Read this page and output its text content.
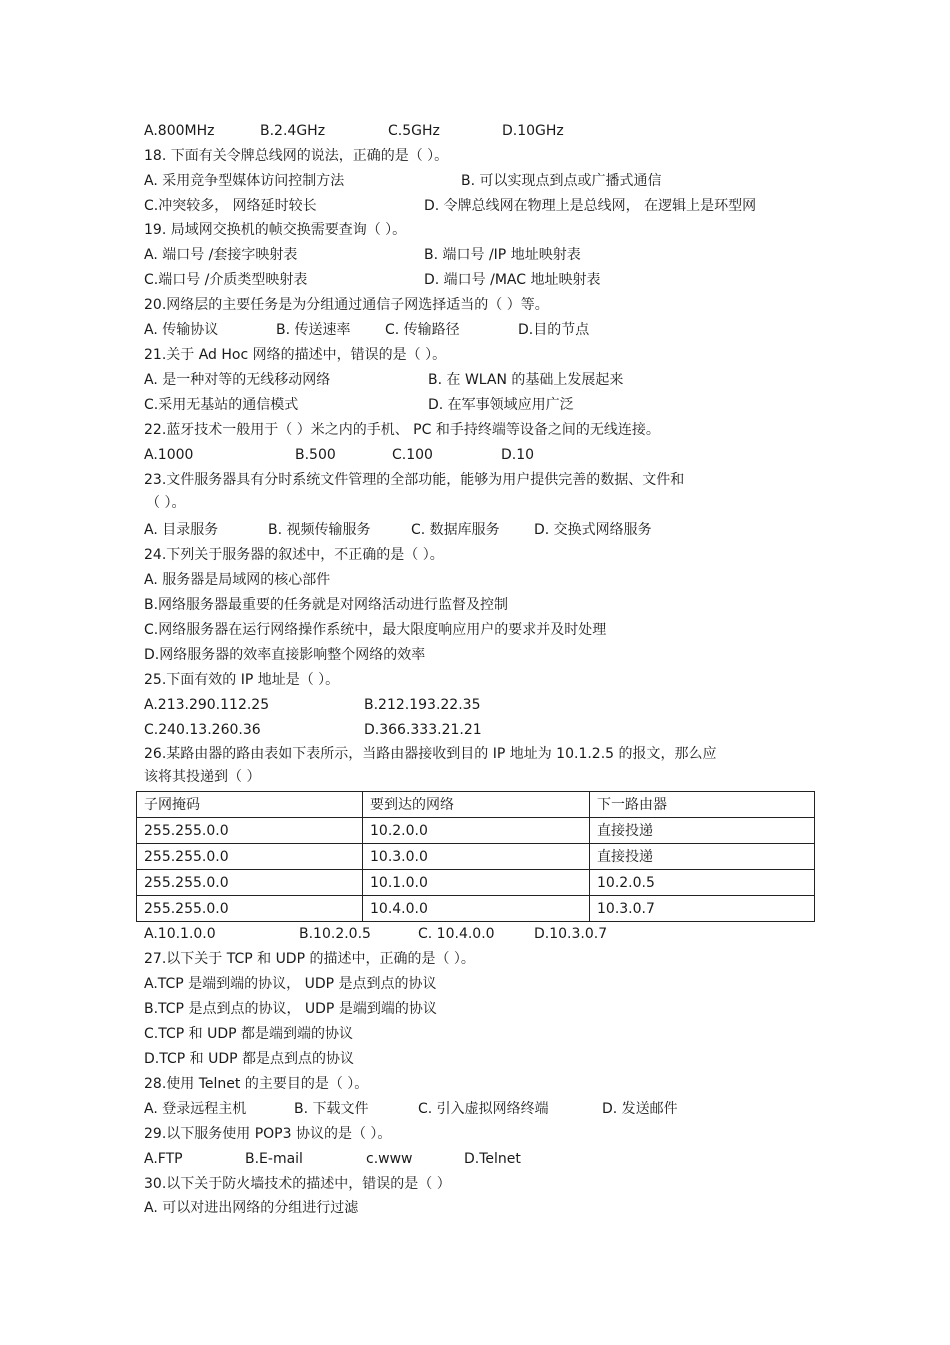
A.800MHz	B.2.4GHz	C.5GHz	D.10GHz
18. 下面有关令牌总线网的说法，正确的是（ ）。
A. 采用竞争型媒体访问控制方法	B. 可以实现点到点或广播式通信
C.冲突较多， 网络延时较长	D. 令牌总线网在物理上是总线网， 在逻辑上是环型网
19. 局域网交换机的帧交换需要查询（ ）。
A. 端口号 /套接字映射表	B. 端口号 /IP 地址映射表
C.端口号 /介质类型映射表	D. 端口号 /MAC 地址映射表
20.网络层的主要任务是为分组通过通信子网选择适当的（ ）等。
A. 传输协议	B. 传送速率 C. 传输路径	D.目的节点
21.关于 Ad Hoc 网络的描述中，错误的是（ ）。
A. 是一种对等的无线移动网络	B. 在 WLAN 的基础上发展起来
C.采用无基站的通信模式	D. 在军事领域应用广泛
22.蓝牙技术一般用于（ ）米之内的手机、 PC 和手持终端等设备之间的无线连接。
A.1000	B.500	C.100	D.10
23.文件服务器具有分时系统文件管理的全部功能，能够为用户提供完善的数据、文件和
（ ）。
A. 目录服务	B. 视频传输服务	C. 数据库服务 D. 交换式网络服务
24.下列关于服务器的叙述中，不正确的是（ ）。
A. 服务器是局域网的核心部件
B.网络服务器最重要的任务就是对网络活动进行监督及控制
C.网络服务器在运行网络操作系统中，最大限度响应用户的要求并及时处理
D.网络服务器的效率直接影响整个网络的效率
25.下面有效的 IP 地址是（ ）。
A.213.290.112.25	B.212.193.22.35
C.240.13.260.36	D.366.333.21.21
26.某路由器的路由表如下表所示，当路由器接收到目的 IP 地址为 10.1.2.5 的报文，那么应
该将其投递到（ ）
子网掩码	要到达的网络	下一路由器
255.255.0.0	10.2.0.0	直接投递
255.255.0.0	10.3.0.0	直接投递
255.255.0.0	10.1.0.0	10.2.0.5
255.255.0.0	10.4.0.0	10.3.0.7
A.10.1.0.0	B.10.2.0.5	C. 10.4.0.0	D.10.3.0.7
27.以下关于 TCP 和 UDP 的描述中，正确的是（ ）。
A.TCP 是端到端的协议， UDP 是点到点的协议
B.TCP 是点到点的协议， UDP 是端到端的协议
C.TCP 和 UDP 都是端到端的协议
D.TCP 和 UDP 都是点到点的协议
28.使用 Telnet 的主要目的是（ ）。
A. 登录远程主机	B. 下载文件	C. 引入虚拟网络终端	D. 发送邮件
29.以下服务使用 POP3 协议的是（ ）。
A.FTP	B.E-mail	c.www	D.Telnet
30.以下关于防火墙技术的描述中，错误的是（ ）
A. 可以对进出网络的分组进行过滤
